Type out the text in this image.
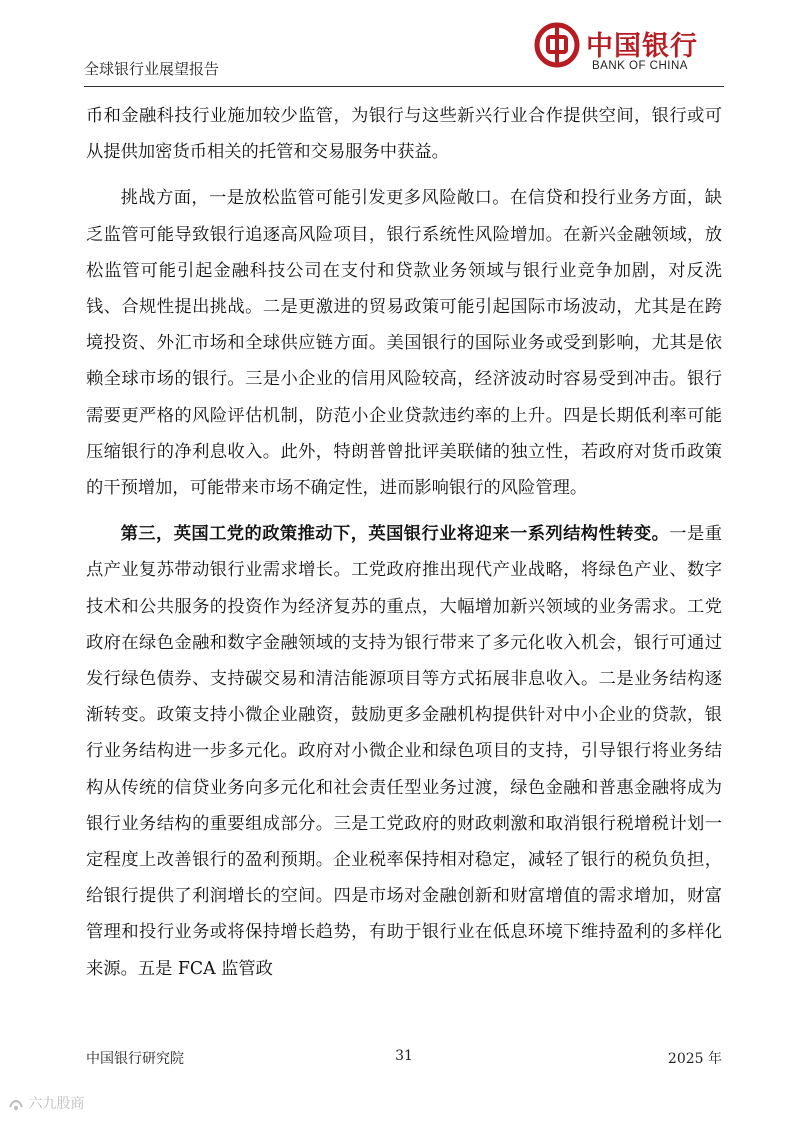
全球银行业展望报告
中国银行
BANK OF CHINA

币和金融科技行业施加较少监管，为银行与这些新兴行业合作提供空间，银行或可从提供加密货币相关的托管和交易服务中获益。

挑战方面，一是放松监管可能引发更多风险敞口。在信贷和投行业务方面，缺乏监管可能导致银行追逐高风险项目，银行系统性风险增加。在新兴金融领域，放松监管可能引起金融科技公司在支付和贷款业务领域与银行业竞争加剧，对反洗钱、合规性提出挑战。二是更激进的贸易政策可能引起国际市场波动，尤其是在跨境投资、外汇市场和全球供应链方面。美国银行的国际业务或受到影响，尤其是依赖全球市场的银行。三是小企业的信用风险较高，经济波动时容易受到冲击。银行需要更严格的风险评估机制，防范小企业贷款违约率的上升。四是长期低利率可能压缩银行的净利息收入。此外，特朗普曾批评美联储的独立性，若政府对货币政策的干预增加，可能带来市场不确定性，进而影响银行的风险管理。

第三，英国工党的政策推动下，英国银行业将迎来一系列结构性转变。一是重点产业复苏带动银行业需求增长。工党政府推出现代产业战略，将绿色产业、数字技术和公共服务的投资作为经济复苏的重点，大幅增加新兴领域的业务需求。工党政府在绿色金融和数字金融领域的支持为银行带来了多元化收入机会，银行可通过发行绿色债券、支持碳交易和清洁能源项目等方式拓展非息收入。二是业务结构逐渐转变。政策支持小微企业融资，鼓励更多金融机构提供针对中小企业的贷款，银行业务结构进一步多元化。政府对小微企业和绿色项目的支持，引导银行将业务结构从传统的信贷业务向多元化和社会责任型业务过渡，绿色金融和普惠金融将成为银行业务结构的重要组成部分。三是工党政府的财政刺激和取消银行税增税计划一定程度上改善银行的盈利预期。企业税率保持相对稳定，减轻了银行的税负负担，给银行提供了利润增长的空间。四是市场对金融创新和财富增值的需求增加，财富管理和投行业务或将保持增长趋势，有助于银行业在低息环境下维持盈利的多样化来源。五是 FCA 监管政

中国银行研究院	31	2025 年
六九股商
